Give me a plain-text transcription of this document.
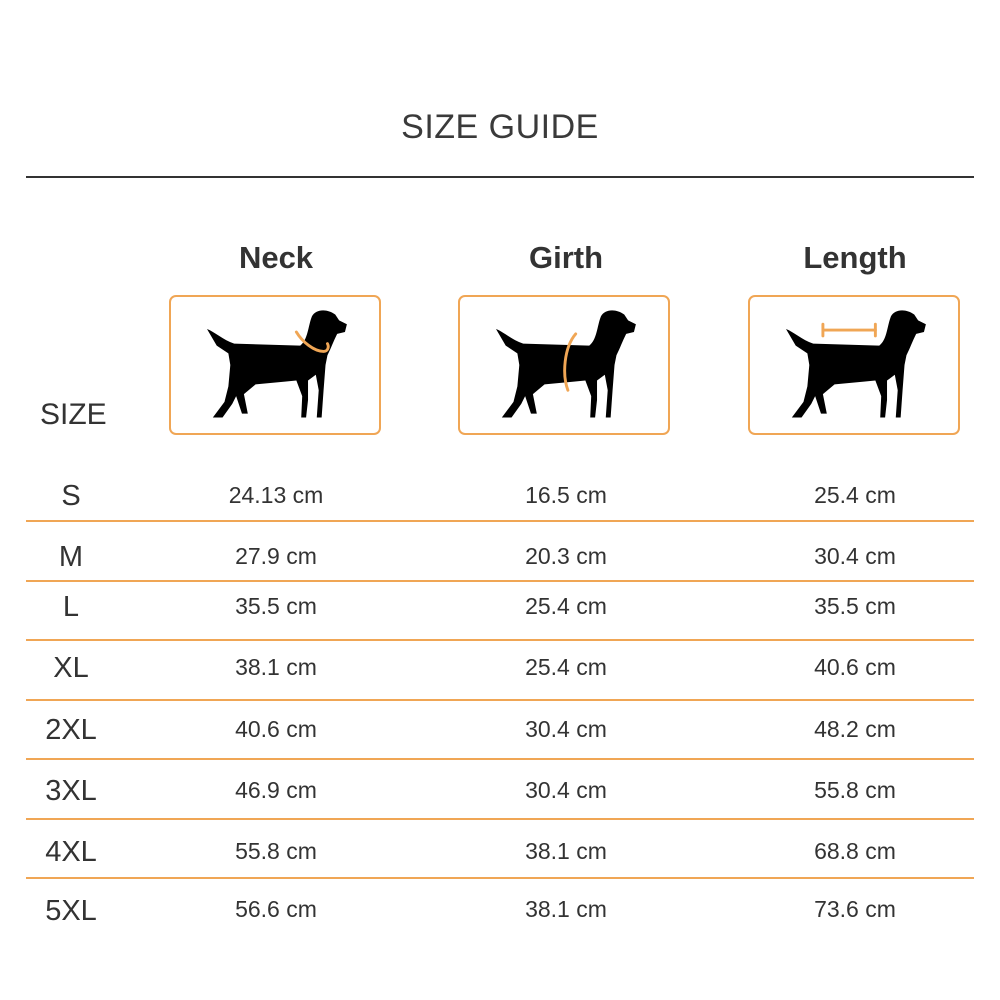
SIZE GUIDE
Neck	Girth	Length
SIZE
S	24.13 cm	16.5 cm	25.4 cm
M	27.9 cm	20.3 cm	30.4 cm
L	35.5 cm	25.4 cm	35.5 cm
XL	38.1 cm	25.4 cm	40.6 cm
2XL	40.6 cm	30.4 cm	48.2 cm
3XL	46.9 cm	30.4 cm	55.8 cm
4XL	55.8 cm	38.1 cm	68.8 cm
5XL	56.6 cm	38.1 cm	73.6 cm
